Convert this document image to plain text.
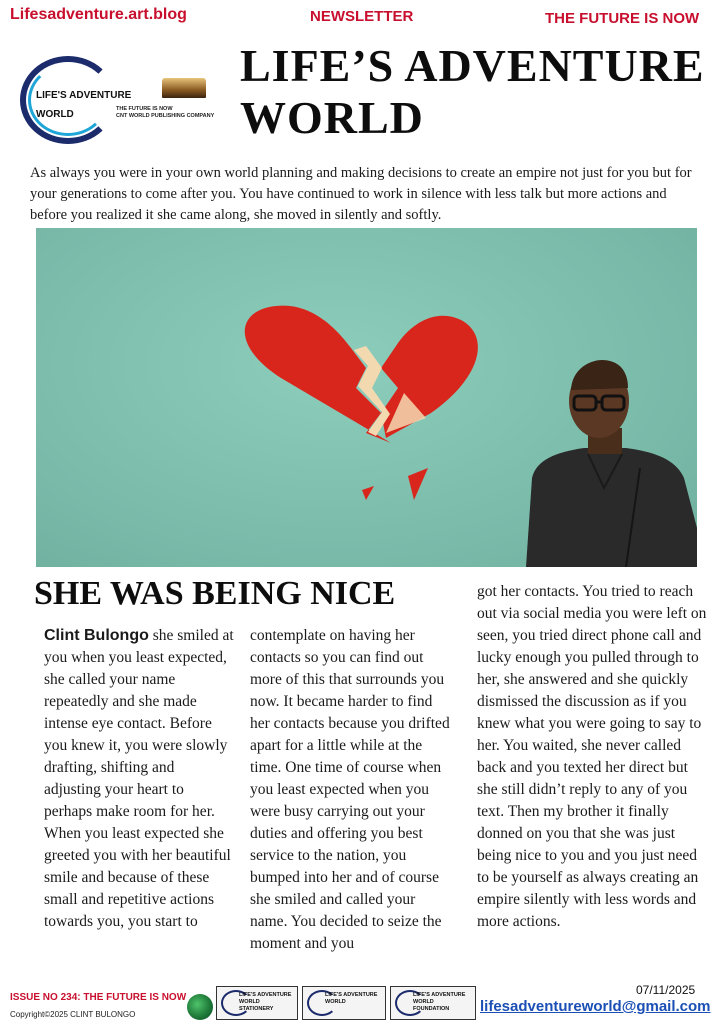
Lifesadventure.art.blog	NEWSLETTER	THE FUTURE IS NOW
LIFE'S ADVENTURE
WORLD	THE FUTURE IS NOW
CNT WORLD PUBLISHING COMPANY
LIFE’S ADVENTURE
WORLD
As always you were in your own world planning and making decisions to create an empire not just for you but for your generations to come after you. You have continued to work in silence with less talk but more actions and before you realized it she came along, she moved in silently and softly.
SHE WAS BEING NICE
Clint Bulongo she smiled at you when you least expected, she called your name repeatedly and she made intense eye contact. Before you knew it, you were slowly drafting, shifting and adjusting your heart to perhaps make room for her. When you least expected she greeted you with her beautiful smile and because of these small and repetitive actions towards you, you start to
contemplate on having her contacts so you can find out more of this that surrounds you now. It became harder to find her contacts because you drifted apart for a little while at the time. One time of course when you least expected when you were busy carrying out your duties and offering you best service to the nation, you bumped into her and of course she smiled and called your name. You decided to seize the moment and you
got her contacts. You tried to reach out via social media you were left on seen, you tried direct phone call and lucky enough you pulled through to her, she answered and she quickly dismissed the discussion as if you knew what you were going to say to her. You waited, she never called back and you texted her direct but she still didn’t reply to any of you text. Then my brother it finally donned on you that she was just being nice to you and you just need to be yourself as always creating an empire silently with less words and more actions.
07/11/2025
lifesadventureworld@gmail.com
ISSUE NO 234: THE FUTURE IS NOW
Copyright©2025 CLINT BULONGO
LIFE'S ADVENTURE WORLD
STATIONERY
LIFE'S ADVENTURE
WORLD
LIFE'S ADVENTURE WORLD
FOUNDATION
